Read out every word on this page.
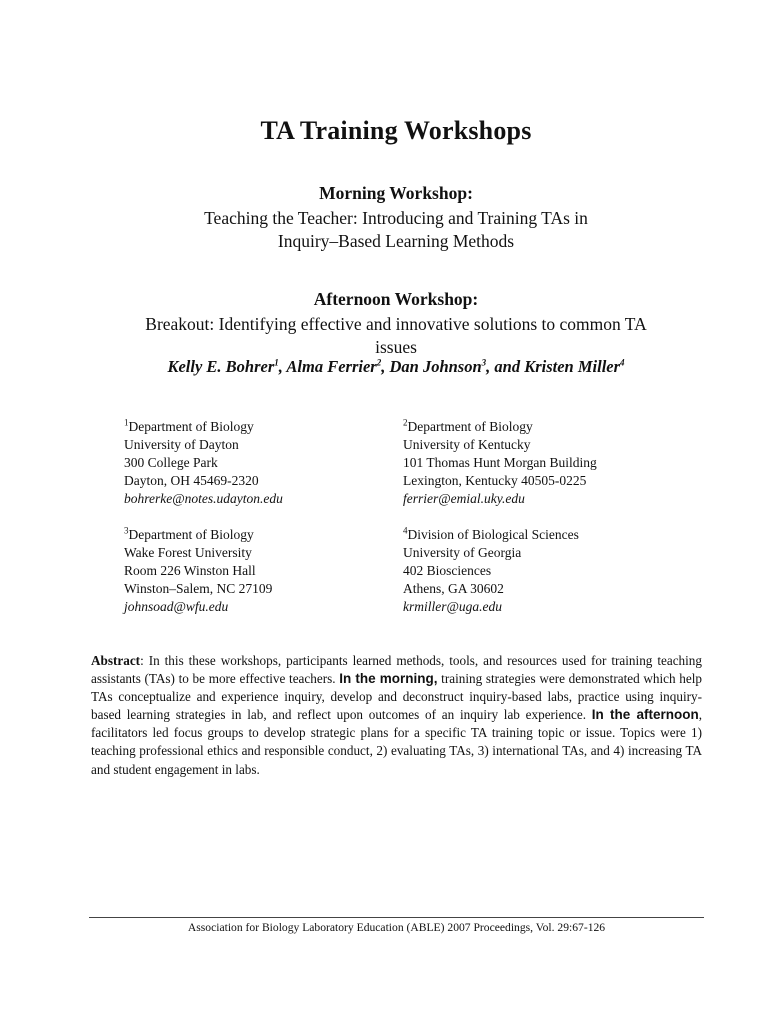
TA Training Workshops
Morning Workshop:
Teaching the Teacher: Introducing and Training TAs in
Inquiry–Based Learning Methods
Afternoon Workshop:
Breakout: Identifying effective and innovative solutions to common TA
issues
Kelly E. Bohrer$^1$, Alma Ferrier$^2$, Dan Johnson$^3$, and Kristen Miller$^4$
$^1$Department of Biology
University of Dayton
300 College Park
Dayton, OH 45469-2320
bohrerke@notes.udayton.edu
$^2$Department of Biology
University of Kentucky
101 Thomas Hunt Morgan Building
Lexington, Kentucky 40505-0225
ferrier@emial.uky.edu
$^3$Department of Biology
Wake Forest University
Room 226 Winston Hall
Winston–Salem, NC 27109
johnsoad@wfu.edu
$^4$Division of Biological Sciences
University of Georgia
402 Biosciences
Athens, GA 30602
krmiller@uga.edu
Abstract: In this these workshops, participants learned methods, tools, and resources used for training teaching assistants (TAs) to be more effective teachers. In the morning, training strategies were demonstrated which help TAs conceptualize and experience inquiry, develop and deconstruct inquiry-based labs, practice using inquiry-based learning strategies in lab, and reflect upon outcomes of an inquiry lab experience. In the afternoon, facilitators led focus groups to develop strategic plans for a specific TA training topic or issue. Topics were 1) teaching professional ethics and responsible conduct, 2) evaluating TAs, 3) international TAs, and 4) increasing TA and student engagement in labs.
Association for Biology Laboratory Education (ABLE) 2007 Proceedings, Vol. 29:67-126
